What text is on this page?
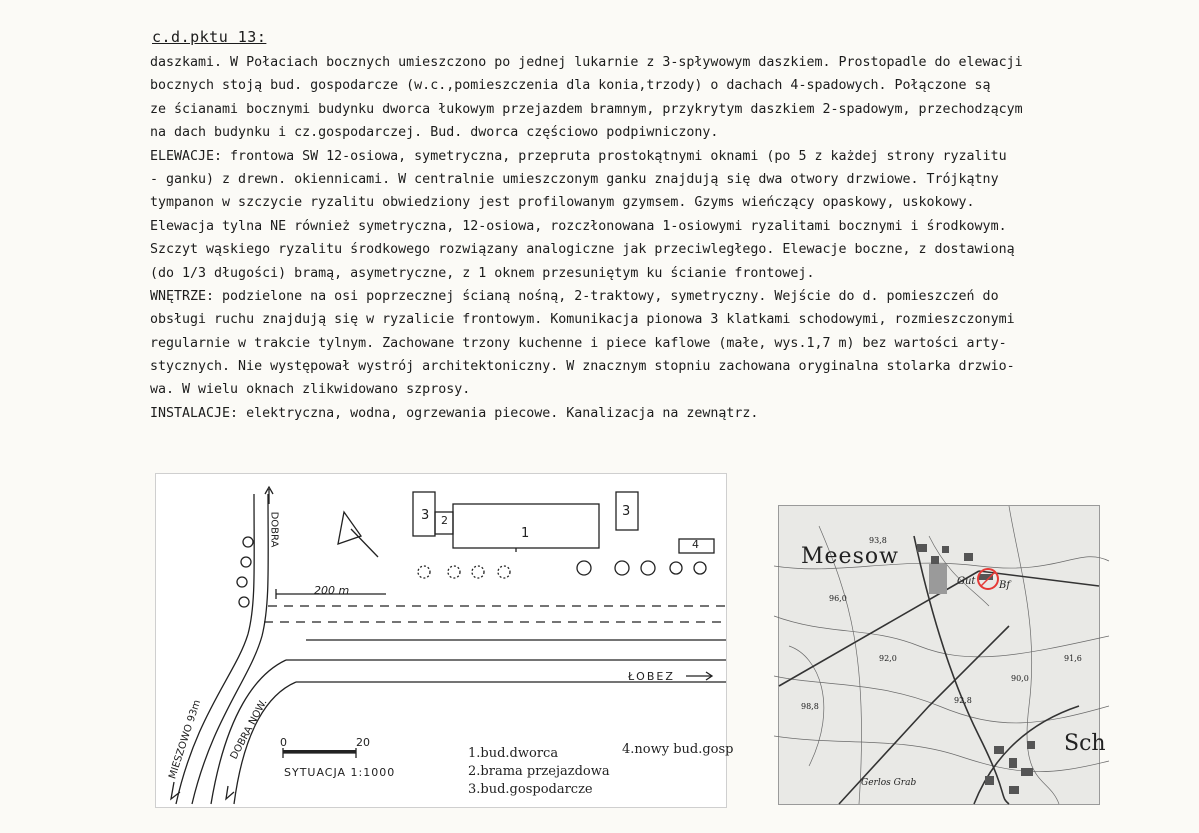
c.d.pktu 13:
daszkami. W Połaciach bocznych umieszczono po jednej lukarnie z 3-spływowym daszkiem. Prostopadle do elewacji
bocznych stoją bud. gospodarcze (w.c.,pomieszczenia dla konia,trzody) o dachach 4-spadowych. Połączone są
ze ścianami bocznymi budynku dworca łukowym przejazdem bramnym, przykrytym daszkiem 2-spadowym, przechodzącym
na dach budynku i cz.gospodarczej. Bud. dworca częściowo podpiwniczony.
ELEWACJE: frontowa SW 12-osiowa, symetryczna, przepruta prostokątnymi oknami (po 5 z każdej strony ryzalitu
- ganku) z drewn. okiennicami. W centralnie umieszczonym ganku znajdują się dwa otwory drzwiowe. Trójkątny
tympanon w szczycie ryzalitu obwiedziony jest profilowanym gzymsem. Gzyms wieńczący opaskowy, uskokowy.
Elewacja tylna NE również symetryczna, 12-osiowa, rozczłonowana 1-osiowymi ryzalitami bocznymi i środkowym.
Szczyt wąskiego ryzalitu środkowego rozwiązany analogiczne jak przeciwległego. Elewacje boczne, z dostawioną
(do 1/3 długości) bramą, asymetryczne, z 1 oknem przesuniętym ku ścianie frontowej.
WNĘTRZE: podzielone na osi poprzecznej ścianą nośną, 2-traktowy, symetryczny. Wejście do d. pomieszczeń do
obsługi ruchu znajdują się w ryzalicie frontowym. Komunikacja pionowa 3 klatkami schodowymi, rozmieszczonymi
regularnie w trakcie tylnym. Zachowane trzony kuchenne i piece kaflowe (małe, wys.1,7 m) bez wartości arty-
stycznych. Nie występował wystrój architektoniczny. W znacznym stopniu zachowana oryginalna stolarka drzwio-
wa. W wielu oknach zlikwidowano szprosy.
INSTALACJE: elektryczna, wodna, ogrzewania piecowe. Kanalizacja na zewnątrz.
1
2
3	3
4
200 m
DOBRA
MIESZOWO 93m	DOBRA NOW.
ŁOBEZ
0	20
SYTUACJA 1:1000
1.bud.dworca
2.brama przejazdowa
3.bud.gospodarcze
4.nowy bud.gosp
Meesow
Gut Bf
Sch
Gerlos Grab
90,0
92,0
93,8
98,8
91,6
96,0
92,8
